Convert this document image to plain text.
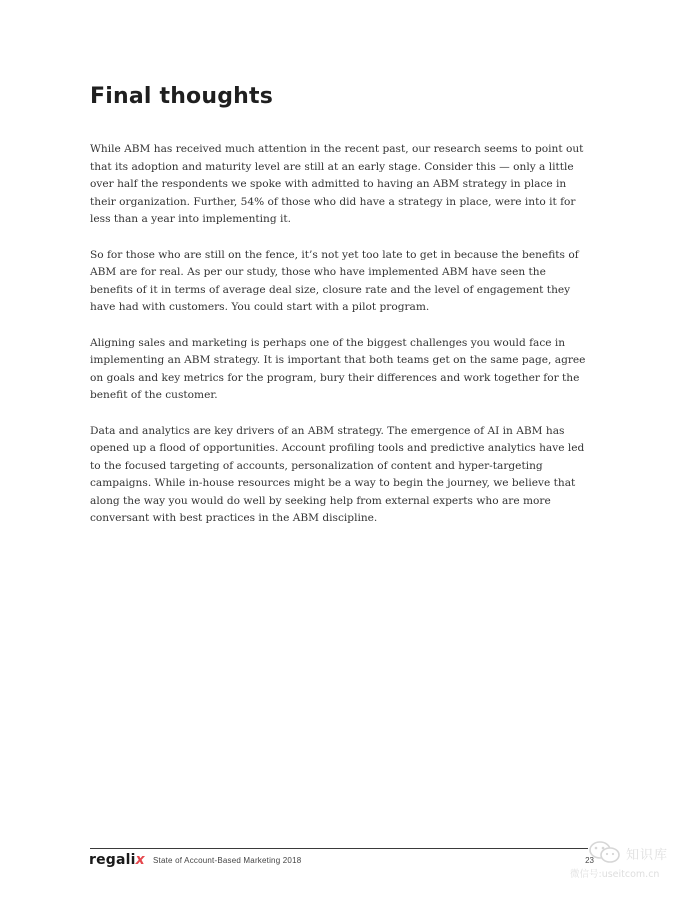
Final thoughts

While ABM has received much attention in the recent past, our research seems to point out that its adoption and maturity level are still at an early stage. Consider this — only a little over half the respondents we spoke with admitted to having an ABM strategy in place in their organization. Further, 54% of those who did have a strategy in place, were into it for less than a year into implementing it.

So for those who are still on the fence, it’s not yet too late to get in because the benefits of ABM are for real. As per our study, those who have implemented ABM have seen the benefits of it in terms of average deal size, closure rate and the level of engagement they have had with customers. You could start with a pilot program.

Aligning sales and marketing is perhaps one of the biggest challenges you would face in implementing an ABM strategy. It is important that both teams get on the same page, agree on goals and key metrics for the program, bury their differences and work together for the benefit of the customer.

Data and analytics are key drivers of an ABM strategy. The emergence of AI in ABM has opened up a flood of opportunities. Account profiling tools and predictive analytics have led to the focused targeting of accounts, personalization of content and hyper-targeting campaigns. While in-house resources might be a way to begin the journey, we believe that along the way you would do well by seeking help from external experts who are more conversant with best practices in the ABM discipline.

regalix State of Account-Based Marketing 2018	23 知识库
微信号:useitcom.cn
